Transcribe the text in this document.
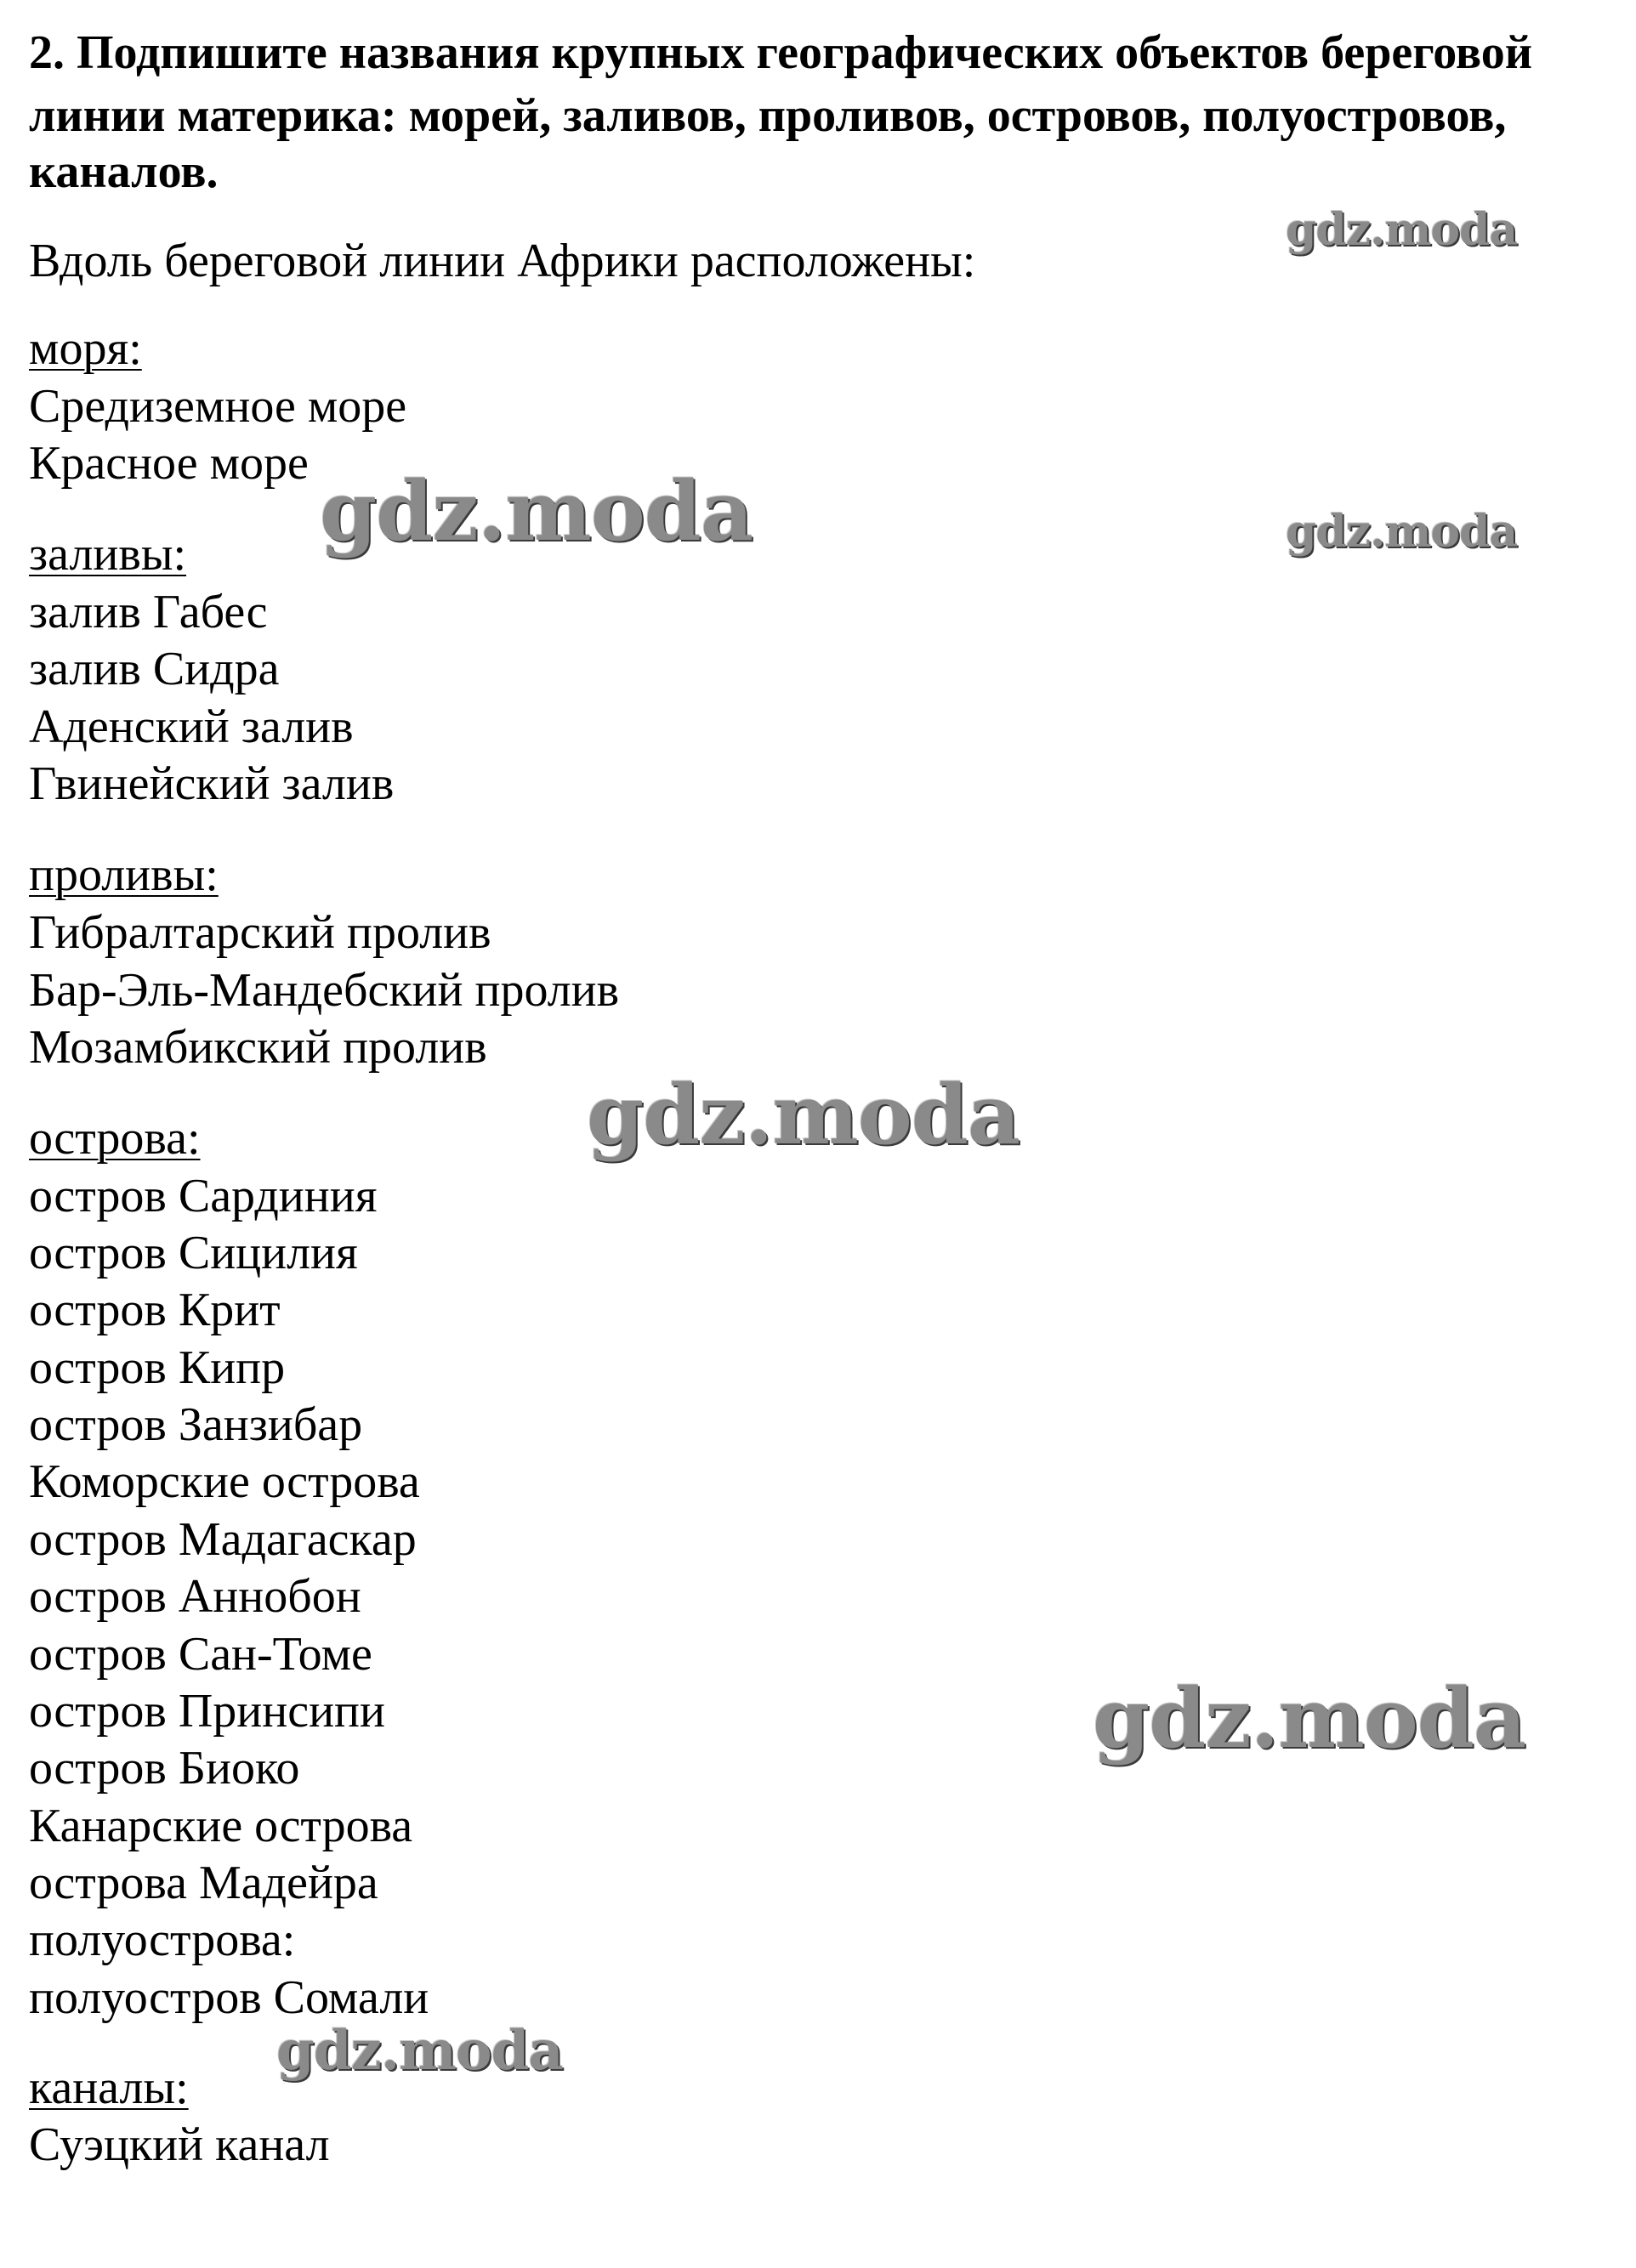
2. Подпишите названия крупных географических объектов береговой
линии материка: морей, заливов, проливов, островов, полуостровов,
каналов.
Вдоль береговой линии Африки расположены:
моря:
Средиземное море
Красное море
заливы:
залив Габес
залив Сидра
Аденский залив
Гвинейский залив
проливы:
Гибралтарский пролив
Бар-Эль-Мандебский пролив
Мозамбикский пролив
острова:
остров Сардиния
остров Сицилия
остров Крит
остров Кипр
остров Занзибар
Коморские острова
остров Мадагаскар
остров Аннобон
остров Сан-Томе
остров Принсипи
остров Биоко
Канарские острова
острова Мадейра
полуострова:
полуостров Сомали
каналы:
Суэцкий канал
gdz.moda
gdz.moda	gdz.moda
gdz.moda
gdz.moda
gdz.moda
